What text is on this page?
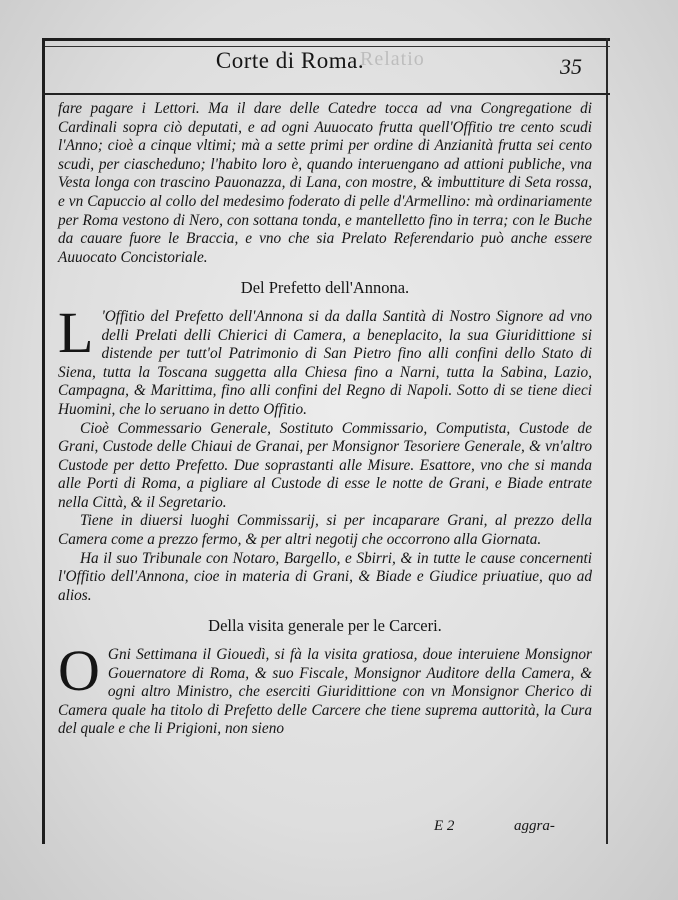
Relatio
Corte di Roma.	35

fare pagare i Lettori. Ma il dare delle Catedre tocca ad vna Congregatione di Cardinali sopra ciò deputati, e ad ogni Auuocato frutta quell'Offitio tre cento scudi l'Anno; cioè a cinque vltimi; mà a sette primi per ordine di Anzianità frutta sei cento scudi, per ciascheduno; l'habito loro è, quando interuengano ad attioni publiche, vna Vesta longa con trascino Pauonazza, di Lana, con mostre, & imbuttiture di Seta rossa, e vn Capuccio al collo del medesimo foderato di pelle d'Armellino: mà ordinariamente per Roma vestono di Nero, con sottana tonda, e mantelletto fino in terra; con le Buche da cauare fuore le Braccia, e vno che sia Prelato Referendario può anche essere Auuocato Concistoriale.

Del Prefetto dell'Annona.

L 'Offitio del Prefetto dell'Annona si da dalla Santità di Nostro Signore ad vno delli Prelati delli Chierici di Camera, a beneplacito, la sua Giuridittione si distende per tutt'ol Patrimonio di San Pietro fino alli confini dello Stato di Siena, tutta la Toscana suggetta alla Chiesa fino a Narni, tutta la Sabina, Lazio, Campagna, & Marittima, fino alli confini del Regno di Napoli. Sotto di se tiene dieci Huomini, che lo seruano in detto Offitio.

Cioè Commessario Generale, Sostituto Commissario, Computista, Custode de Grani, Custode delle Chiaui de Granai, per Monsignor Tesoriere Generale, & vn'altro Custode per detto Prefetto. Due soprastanti alle Misure. Esattore, vno che si manda alle Porti di Roma, a pigliare al Custode di esse le notte de Grani, e Biade entrate nella Città, & il Segretario.

Tiene in diuersi luoghi Commissarij, si per incaparare Grani, al prezzo della Camera come a prezzo fermo, & per altri negotij che occorrono alla Giornata.

Ha il suo Tribunale con Notaro, Bargello, e Sbirri, & in tutte le cause concernenti l'Offitio dell'Annona, cioe in materia di Grani, & Biade e Giudice priuatiue, quo ad alios.

Della visita generale per le Carceri.

O Gni Settimana il Giouedì, si fà la visita gratiosa, doue interuiene Monsignor Gouernatore di Roma, & suo Fiscale, Monsignor Auditore della Camera, & ogni altro Ministro, che eserciti Giuridittione con vn Monsignor Cherico di Camera quale ha titolo di Prefetto delle Carcere che tiene suprema auttorità, la Cura del quale e che li Prigioni, non sieno

E 2	aggra-
